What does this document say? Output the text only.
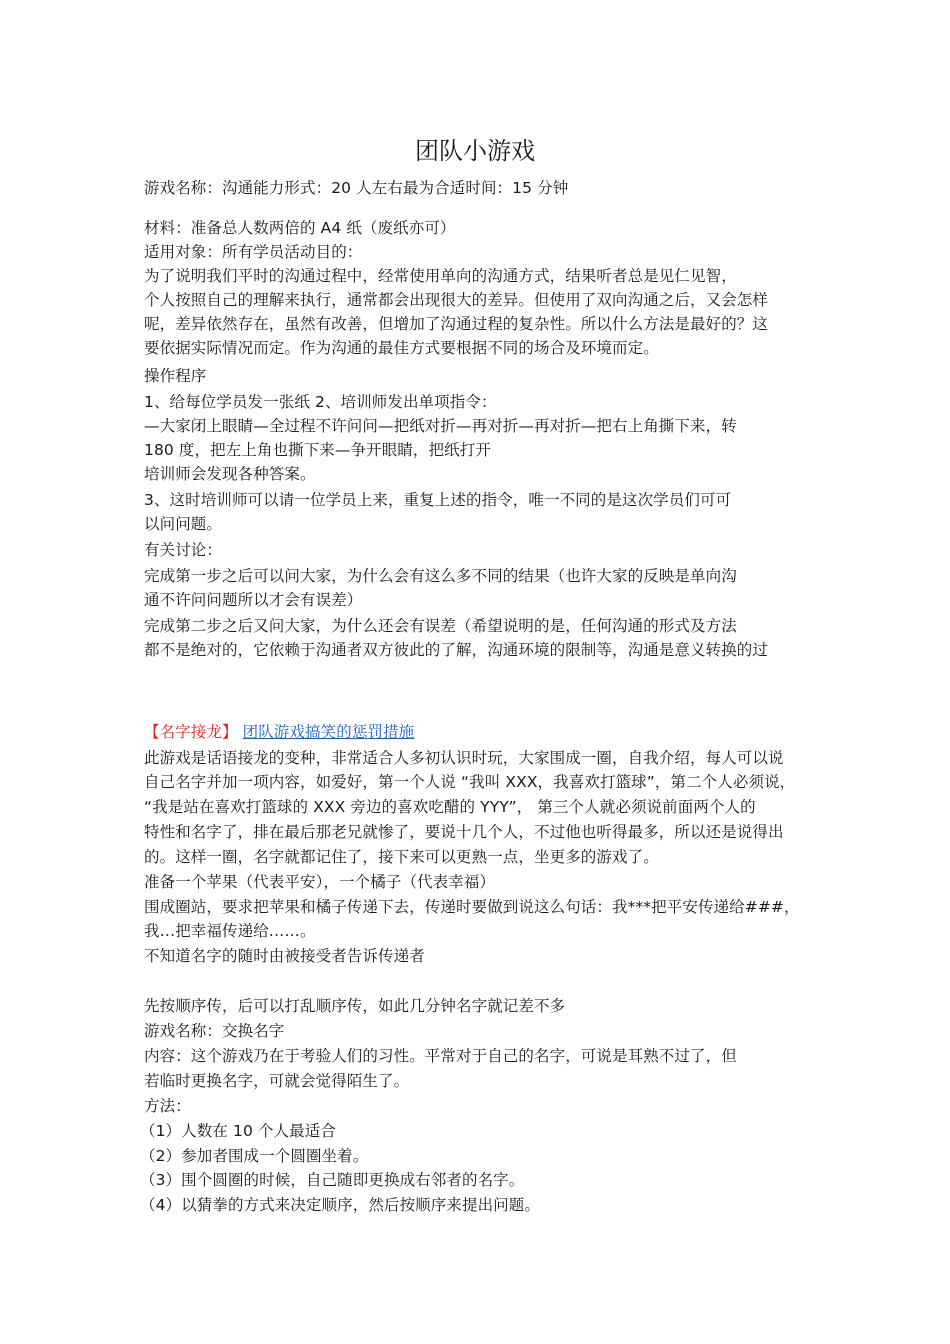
团队小游戏
游戏名称：沟通能力形式：20 人左右最为合适时间：15 分钟
材料：准备总人数两倍的 A4 纸（废纸亦可）
适用对象：所有学员活动目的：
为了说明我们平时的沟通过程中，经常使用单向的沟通方式，结果听者总是见仁见智，
个人按照自己的理解来执行，通常都会出现很大的差异。但使用了双向沟通之后，又会怎样
呢，差异依然存在，虽然有改善，但增加了沟通过程的复杂性。所以什么方法是最好的？这
要依据实际情况而定。作为沟通的最佳方式要根据不同的场合及环境而定。
操作程序
1、给每位学员发一张纸 2、培训师发出单项指令：
—大家闭上眼睛—全过程不许问问—把纸对折—再对折—再对折—把右上角撕下来，转
180 度，把左上角也撕下来—争开眼睛，把纸打开
培训师会发现各种答案。
3、这时培训师可以请一位学员上来，重复上述的指令，唯一不同的是这次学员们可可
以问问题。
有关讨论：
完成第一步之后可以问大家，为什么会有这么多不同的结果（也许大家的反映是单向沟
通不许问问题所以才会有误差）
完成第二步之后又问大家，为什么还会有误差（希望说明的是，任何沟通的形式及方法
都不是绝对的，它依赖于沟通者双方彼此的了解，沟通环境的限制等，沟通是意义转换的过
【名字接龙】 团队游戏搞笑的惩罚措施
此游戏是话语接龙的变种，非常适合人多初认识时玩，大家围成一圈，自我介绍，每人可以说
自己名字并加一项内容，如爱好，第一个人说 “我叫 XXX，我喜欢打篮球”，第二个人必须说，
“我是站在喜欢打篮球的 XXX 旁边的喜欢吃醋的 YYY”， 第三个人就必须说前面两个人的
特性和名字了，排在最后那老兄就惨了，要说十几个人，不过他也听得最多，所以还是说得出
的。这样一圈，名字就都记住了，接下来可以更熟一点，坐更多的游戏了。
准备一个苹果（代表平安），一个橘子（代表幸福）
围成圈站，要求把苹果和橘子传递下去，传递时要做到说这么句话：我***把平安传递给###，
我…把幸福传递给……。
不知道名字的随时由被接受者告诉传递者
先按顺序传，后可以打乱顺序传，如此几分钟名字就记差不多
游戏名称：交换名字
内容：这个游戏乃在于考验人们的习性。平常对于自己的名字，可说是耳熟不过了，但
若临时更换名字，可就会觉得陌生了。
方法：
（1）人数在 10 个人最适合
（2）参加者围成一个圆圈坐着。
（3）围个圆圈的时候，自己随即更换成右邻者的名字。
（4）以猜拳的方式来决定顺序，然后按顺序来提出问题。
